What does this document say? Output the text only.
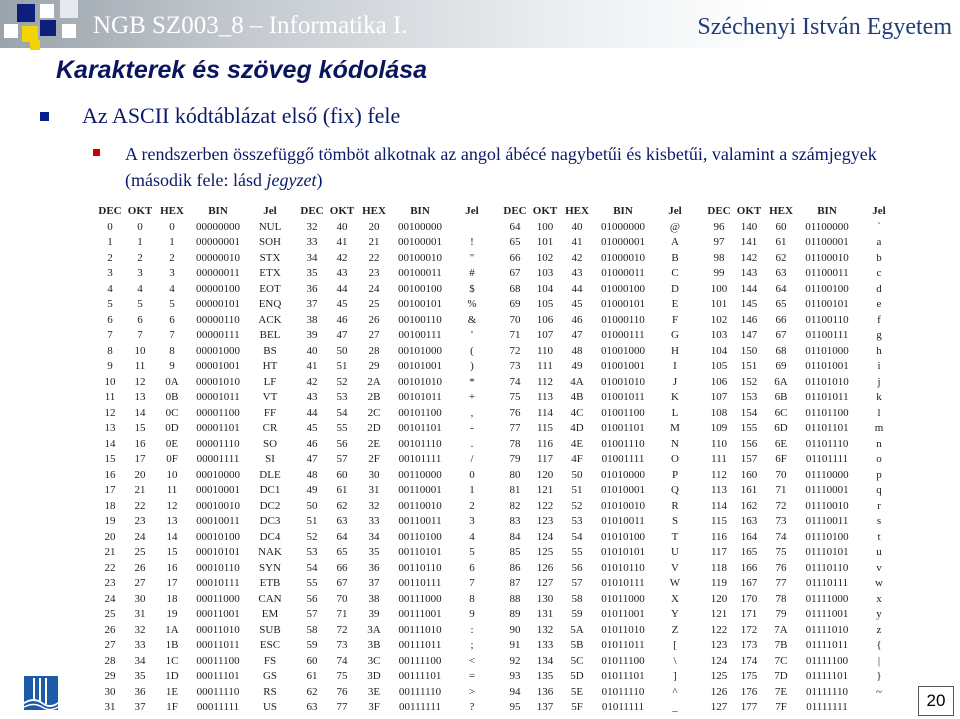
NGB SZ003_8 – Informatika I.	Széchenyi István Egyetem
Karakterek és szöveg kódolása
Az ASCII kódtáblázat első (fix) fele
A rendszerben összefüggő tömböt alkotnak az angol ábécé nagybetűi és kisbetűi, valamint a számjegyek (második fele: lásd jegyzet)
DEC	OKT	HEX	BIN	Jel
0	0	0	00000000	NUL
1	1	1	00000001	SOH
2	2	2	00000010	STX
3	3	3	00000011	ETX
4	4	4	00000100	EOT
5	5	5	00000101	ENQ
6	6	6	00000110	ACK
7	7	7	00000111	BEL
8	10	8	00001000	BS
9	11	9	00001001	HT
10	12	0A	00001010	LF
11	13	0B	00001011	VT
12	14	0C	00001100	FF
13	15	0D	00001101	CR
14	16	0E	00001110	SO
15	17	0F	00001111	SI
16	20	10	00010000	DLE
17	21	11	00010001	DC1
18	22	12	00010010	DC2
19	23	13	00010011	DC3
20	24	14	00010100	DC4
21	25	15	00010101	NAK
22	26	16	00010110	SYN
23	27	17	00010111	ETB
24	30	18	00011000	CAN
25	31	19	00011001	EM
26	32	1A	00011010	SUB
27	33	1B	00011011	ESC
28	34	1C	00011100	FS
29	35	1D	00011101	GS
30	36	1E	00011110	RS
31	37	1F	00011111	US
DEC	OKT	HEX	BIN	Jel
32	40	20	00100000	
33	41	21	00100001	!
34	42	22	00100010	"
35	43	23	00100011	#
36	44	24	00100100	$
37	45	25	00100101	%
38	46	26	00100110	&
39	47	27	00100111	'
40	50	28	00101000	(
41	51	29	00101001	)
42	52	2A	00101010	*
43	53	2B	00101011	+
44	54	2C	00101100	,
45	55	2D	00101101	-
46	56	2E	00101110	.
47	57	2F	00101111	/
48	60	30	00110000	0
49	61	31	00110001	1
50	62	32	00110010	2
51	63	33	00110011	3
52	64	34	00110100	4
53	65	35	00110101	5
54	66	36	00110110	6
55	67	37	00110111	7
56	70	38	00111000	8
57	71	39	00111001	9
58	72	3A	00111010	:
59	73	3B	00111011	;
60	74	3C	00111100	<
61	75	3D	00111101	=
62	76	3E	00111110	>
63	77	3F	00111111	?
DEC	OKT	HEX	BIN	Jel
64	100	40	01000000	@
65	101	41	01000001	A
66	102	42	01000010	B
67	103	43	01000011	C
68	104	44	01000100	D
69	105	45	01000101	E
70	106	46	01000110	F
71	107	47	01000111	G
72	110	48	01001000	H
73	111	49	01001001	I
74	112	4A	01001010	J
75	113	4B	01001011	K
76	114	4C	01001100	L
77	115	4D	01001101	M
78	116	4E	01001110	N
79	117	4F	01001111	O
80	120	50	01010000	P
81	121	51	01010001	Q
82	122	52	01010010	R
83	123	53	01010011	S
84	124	54	01010100	T
85	125	55	01010101	U
86	126	56	01010110	V
87	127	57	01010111	W
88	130	58	01011000	X
89	131	59	01011001	Y
90	132	5A	01011010	Z
91	133	5B	01011011	[
92	134	5C	01011100	\
93	135	5D	01011101	]
94	136	5E	01011110	^
95	137	5F	01011111	_
DEC	OKT	HEX	BIN	Jel
96	140	60	01100000	`
97	141	61	01100001	a
98	142	62	01100010	b
99	143	63	01100011	c
100	144	64	01100100	d
101	145	65	01100101	e
102	146	66	01100110	f
103	147	67	01100111	g
104	150	68	01101000	h
105	151	69	01101001	i
106	152	6A	01101010	j
107	153	6B	01101011	k
108	154	6C	01101100	l
109	155	6D	01101101	m
110	156	6E	01101110	n
111	157	6F	01101111	o
112	160	70	01110000	p
113	161	71	01110001	q
114	162	72	01110010	r
115	163	73	01110011	s
116	164	74	01110100	t
117	165	75	01110101	u
118	166	76	01110110	v
119	167	77	01110111	w
120	170	78	01111000	x
121	171	79	01111001	y
122	172	7A	01111010	z
123	173	7B	01111011	{
124	174	7C	01111100	|
125	175	7D	01111101	}
126	176	7E	01111110	~
127	177	7F	01111111		20
